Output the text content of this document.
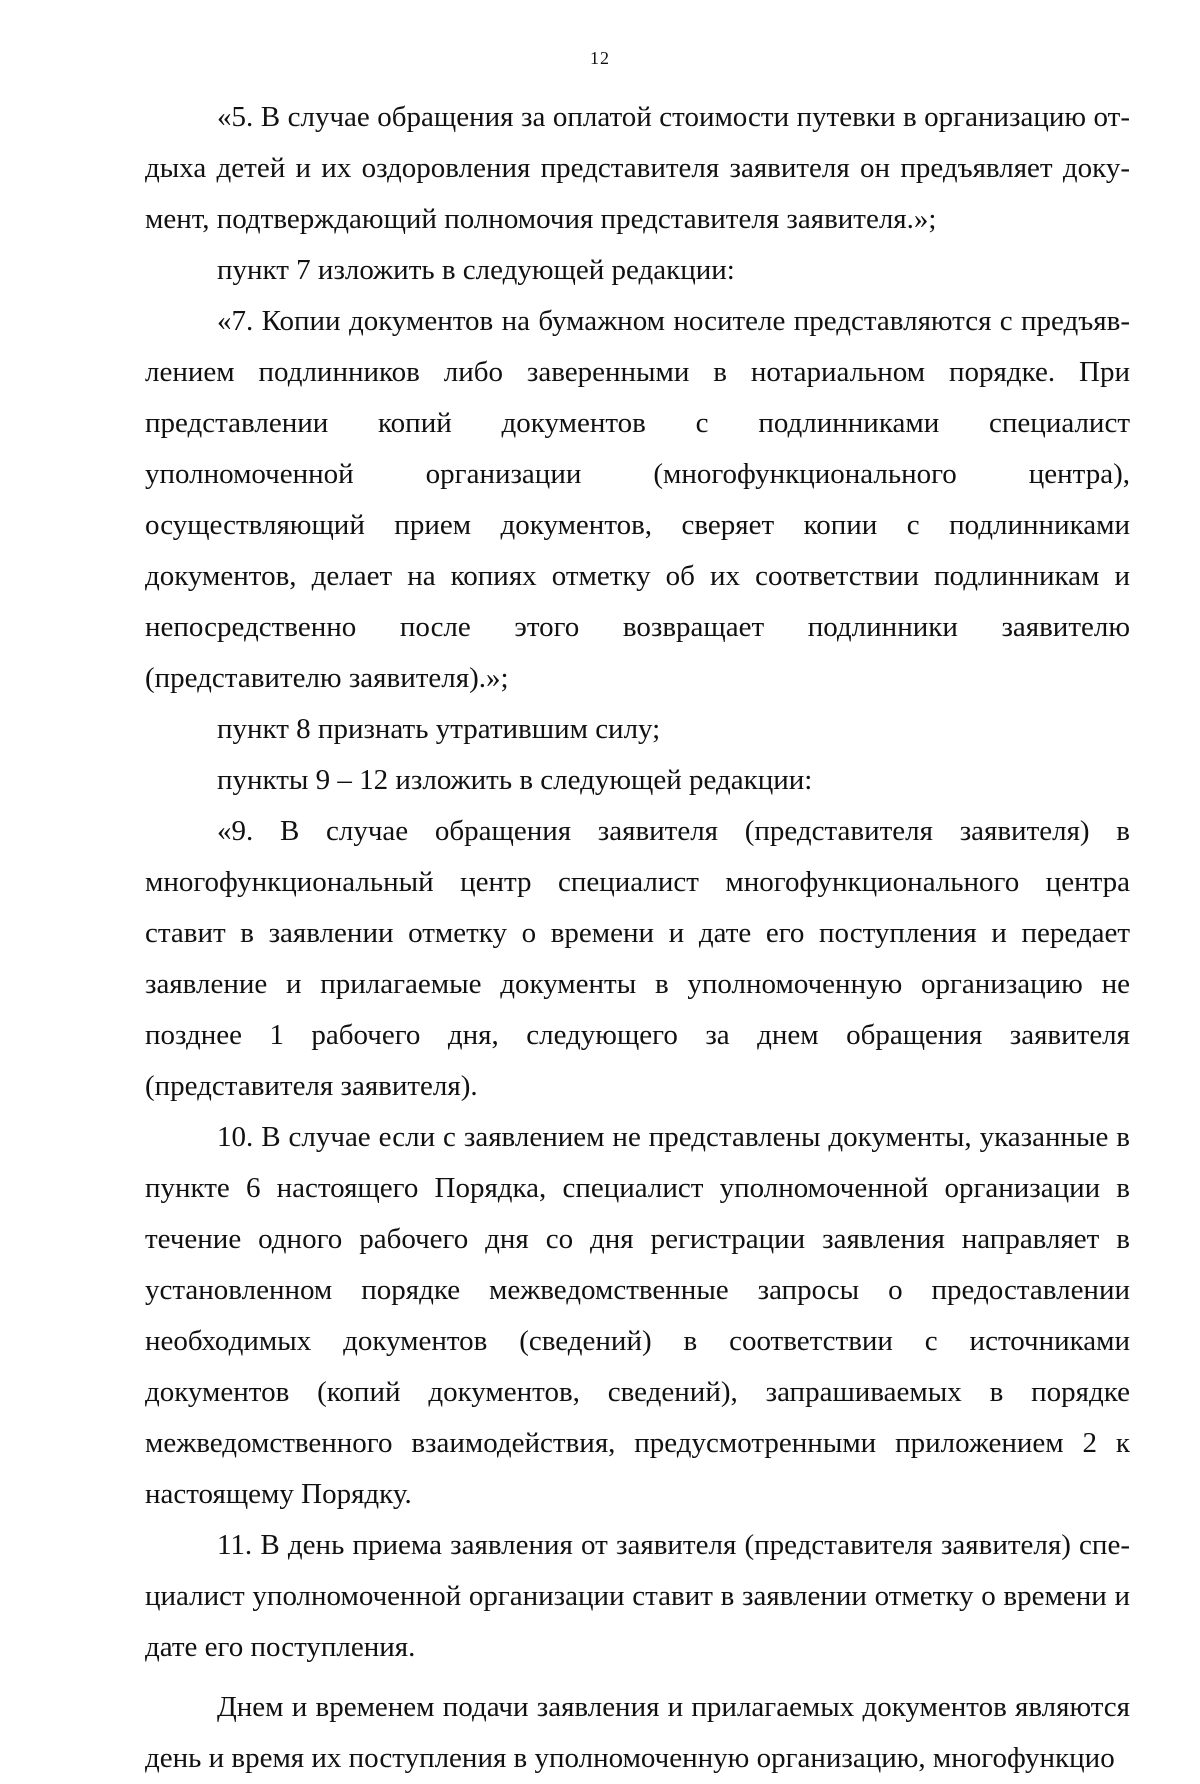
12

«5. В случае обращения за оплатой стоимости путевки в организацию отдыха детей и их оздоровления представителя заявителя он предъявляет документ, подтверждающий полномочия представителя заявителя.»;

пункт 7 изложить в следующей редакции:

«7. Копии документов на бумажном носителе представляются с предъявлением подлинников либо заверенными в нотариальном порядке. При представлении копий документов с подлинниками специалист уполномоченной организации (многофункционального центра), осуществляющий прием документов, сверяет копии с подлинниками документов, делает на копиях отметку об их соответствии подлинникам и непосредственно после этого возвращает подлинники заявителю (представителю заявителя).»;

пункт 8 признать утратившим силу;

пункты 9 – 12 изложить в следующей редакции:

«9. В случае обращения заявителя (представителя заявителя) в многофункциональный центр специалист многофункционального центра ставит в заявлении отметку о времени и дате его поступления и передает заявление и прилагаемые документы в уполномоченную организацию не позднее 1 рабочего дня, следующего за днем обращения заявителя (представителя заявителя).

10. В случае если с заявлением не представлены документы, указанные в пункте 6 настоящего Порядка, специалист уполномоченной организации в течение одного рабочего дня со дня регистрации заявления направляет в установленном порядке межведомственные запросы о предоставлении необходимых документов (сведений) в соответствии с источниками документов (копий документов, сведений), запрашиваемых в порядке межведомственного взаимодействия, предусмотренными приложением 2 к настоящему Порядку.

11. В день приема заявления от заявителя (представителя заявителя) специалист уполномоченной организации ставит в заявлении отметку о времени и дате его поступления.

Днем и временем подачи заявления и прилагаемых документов являются день и время их поступления в уполномоченную организацию, многофункцио
